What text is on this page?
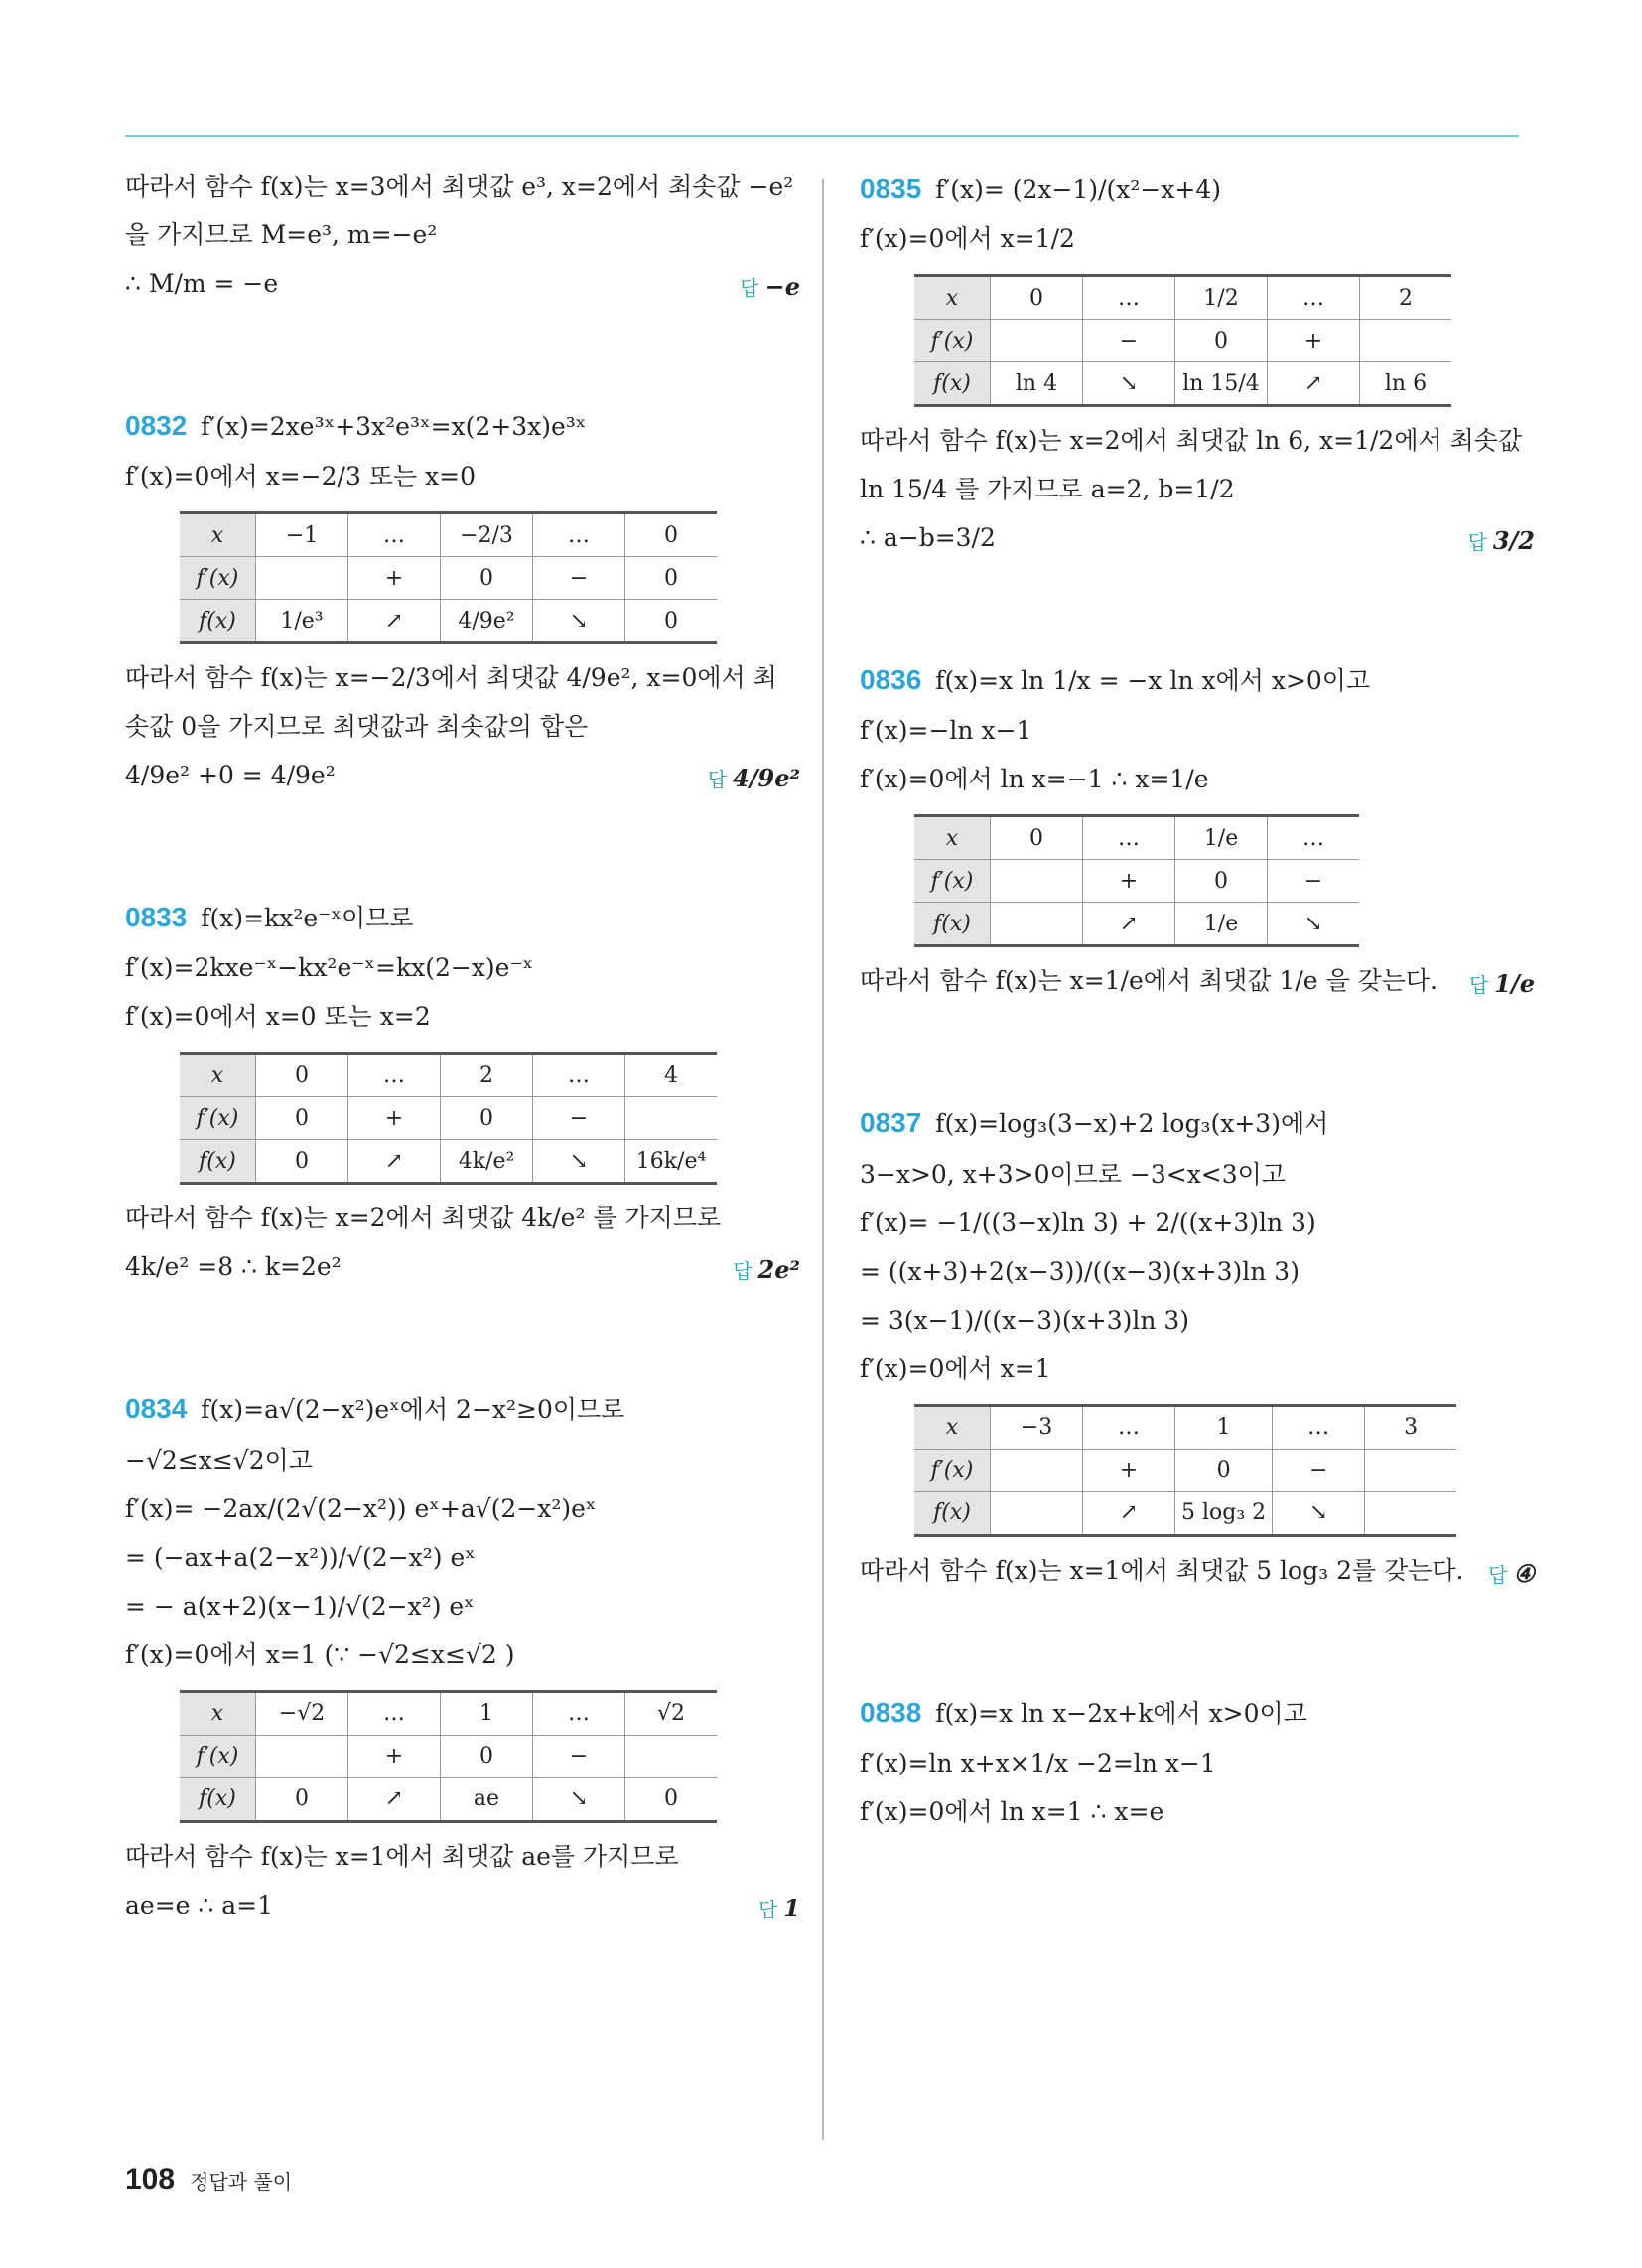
따라서 함수 f(x)는 x=3에서 최댓값 e³, x=2에서 최솟값 −e²
을 가지므로 M=e³, m=−e²
∴ M/m = −e	답 −e
0832 f′(x)=2xe³ˣ+3x²e³ˣ=x(2+3x)e³ˣ
f′(x)=0에서 x=−2/3 또는 x=0
x	−1	…	−2/3	…	0
f′(x)		+	0	−	0
f(x)	1/e³	↗	4/9e²	↘	0
따라서 함수 f(x)는 x=−2/3에서 최댓값 4/9e², x=0에서 최
솟값 0을 가지므로 최댓값과 최솟값의 합은
4/9e² +0 = 4/9e²	답 4/9e²
0833 f(x)=kx²e⁻ˣ이므로
f′(x)=2kxe⁻ˣ−kx²e⁻ˣ=kx(2−x)e⁻ˣ
f′(x)=0에서 x=0 또는 x=2
x	0	…	2	…	4
f′(x)	0	+	0	−	
f(x)	0	↗	4k/e²	↘	16k/e⁴
따라서 함수 f(x)는 x=2에서 최댓값 4k/e² 를 가지므로
4k/e² =8 ∴ k=2e²	답 2e²
0834 f(x)=a√(2−x²)eˣ에서 2−x²≥0이므로
−√2≤x≤√2이고
f′(x)= −2ax/(2√(2−x²)) eˣ+a√(2−x²)eˣ
= (−ax+a(2−x²))/√(2−x²) eˣ
= − a(x+2)(x−1)/√(2−x²) eˣ
f′(x)=0에서 x=1 (∵ −√2≤x≤√2 )
x	−√2	…	1	…	√2
f′(x)		+	0	−	
f(x)	0	↗	ae	↘	0
따라서 함수 f(x)는 x=1에서 최댓값 ae를 가지므로
ae=e ∴ a=1	답 1
0835 f′(x)= (2x−1)/(x²−x+4)
f′(x)=0에서 x=1/2
x	0	…	1/2	…	2
f′(x)		−	0	+	
f(x)	ln 4	↘	ln 15/4	↗	ln 6
따라서 함수 f(x)는 x=2에서 최댓값 ln 6, x=1/2에서 최솟값
ln 15/4 를 가지므로 a=2, b=1/2
∴ a−b=3/2	답 3/2
0836 f(x)=x ln 1/x = −x ln x에서 x>0이고
f′(x)=−ln x−1
f′(x)=0에서 ln x=−1 ∴ x=1/e
x	0	…	1/e	…
f′(x)		+	0	−
f(x)		↗	1/e	↘
따라서 함수 f(x)는 x=1/e에서 최댓값 1/e 을 갖는다. 답 1/e
0837 f(x)=log₃(3−x)+2 log₃(x+3)에서
3−x>0, x+3>0이므로 −3<x<3이고
f′(x)= −1/((3−x)ln 3) + 2/((x+3)ln 3)
= ((x+3)+2(x−3))/((x−3)(x+3)ln 3)
= 3(x−1)/((x−3)(x+3)ln 3)
f′(x)=0에서 x=1
x	−3	…	1	…	3
f′(x)		+	0	−	
f(x)		↗	5 log₃ 2	↘	
따라서 함수 f(x)는 x=1에서 최댓값 5 log₃ 2를 갖는다. 답 ④
0838 f(x)=x ln x−2x+k에서 x>0이고
f′(x)=ln x+x×1/x −2=ln x−1
f′(x)=0에서 ln x=1 ∴ x=e
108 정답과 풀이
